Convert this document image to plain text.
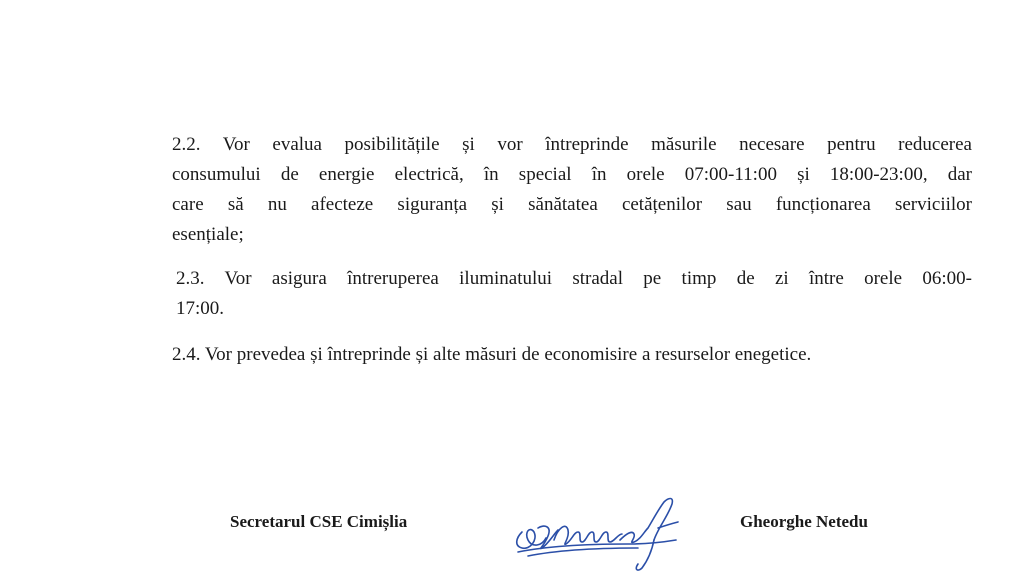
2.2. Vor evalua posibilitățile și vor întreprinde măsurile necesare pentru reducerea
consumului de energie electrică, în special în orele 07:00-11:00 și 18:00-23:00, dar
care să nu afecteze siguranța și sănătatea cetățenilor sau funcționarea serviciilor
esențiale;

2.3. Vor asigura întreruperea iluminatului stradal pe timp de zi între orele 06:00-
17:00.

2.4. Vor prevedea și întreprinde și alte măsuri de economisire a resurselor enegetice.

Secretarul CSE Cimișlia	Gheorghe Netedu
